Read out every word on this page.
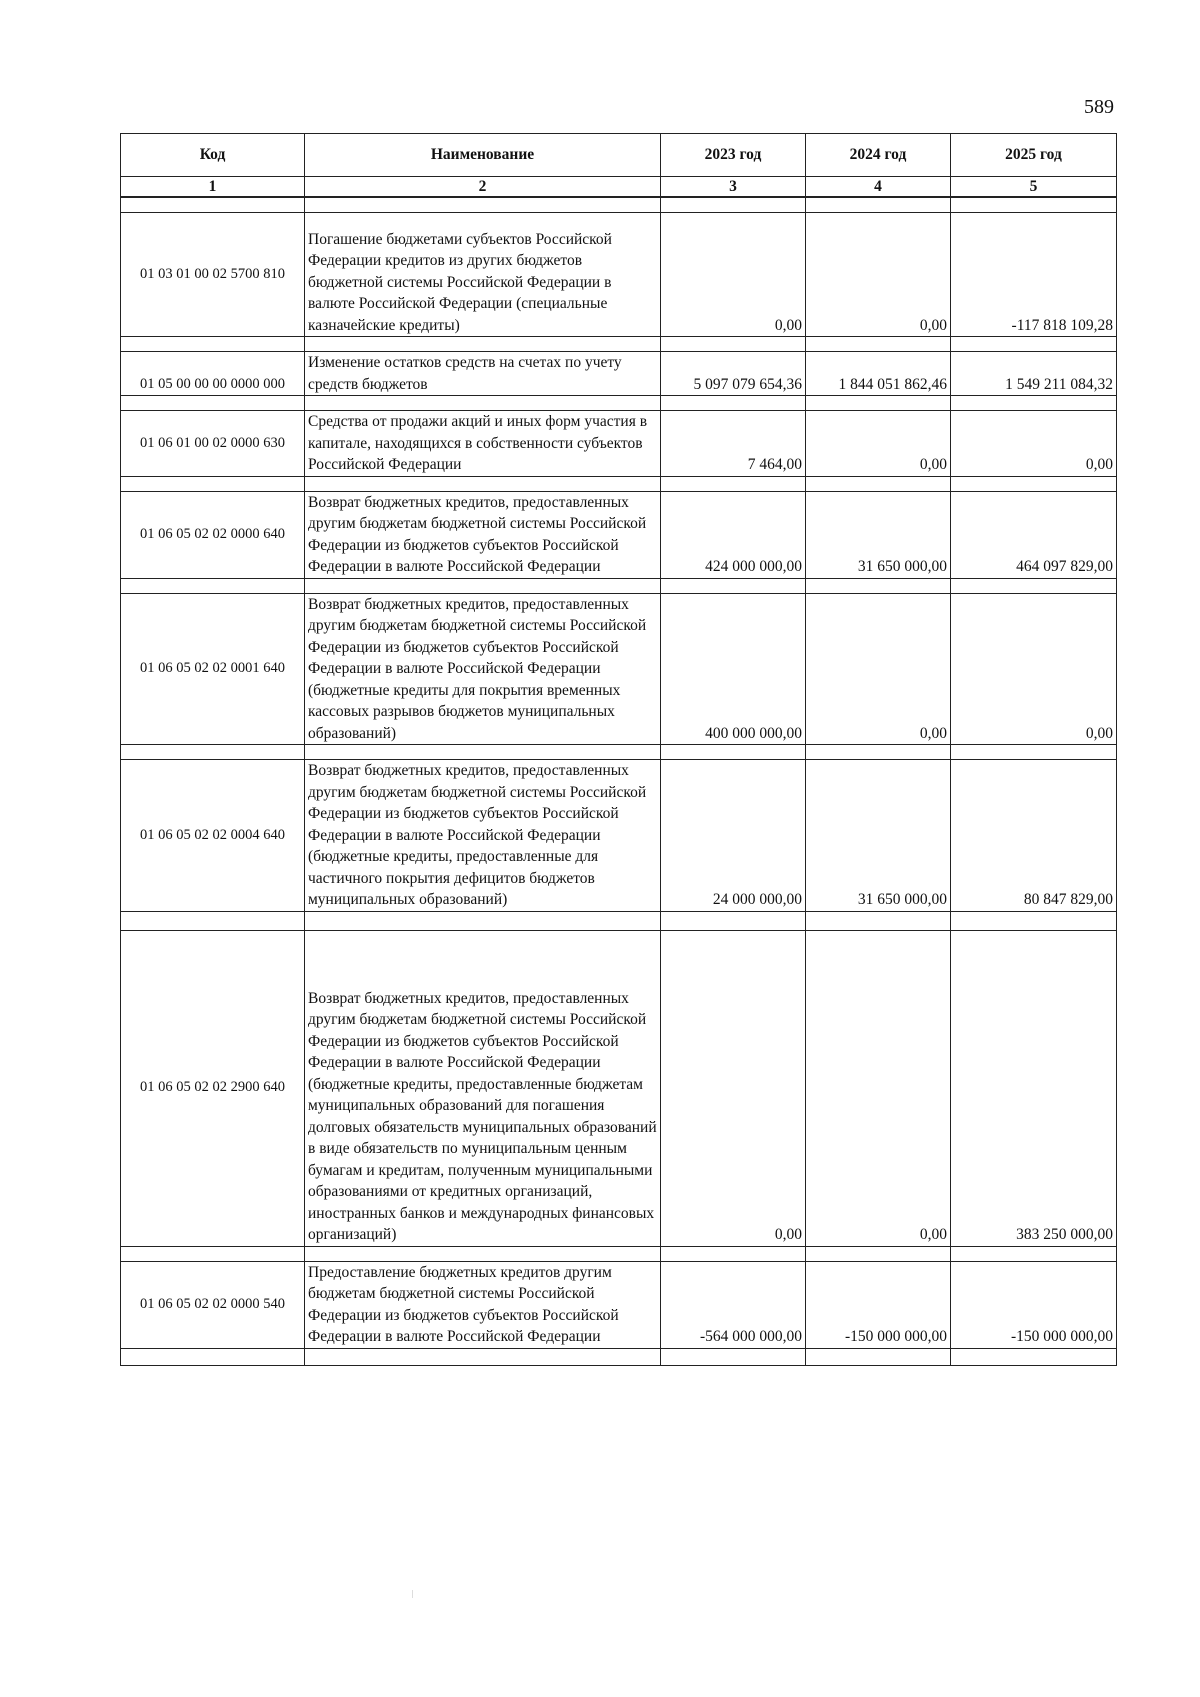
589
Код	Наименование	2023 год	2024 год	2025 год
1	2	3	4	5

01 03 01 00 02 5700 810	Погашение бюджетами субъектов Российской Федерации кредитов из других бюджетов бюджетной системы Российской Федерации в валюте Российской Федерации (специальные казначейские кредиты)	0,00	0,00	-117 818 109,28

01 05 00 00 00 0000 000	Изменение остатков средств на счетах по учету средств бюджетов	5 097 079 654,36	1 844 051 862,46	1 549 211 084,32

01 06 01 00 02 0000 630	Средства от продажи акций и иных форм участия в капитале, находящихся в собственности субъектов Российской Федерации	7 464,00	0,00	0,00

01 06 05 02 02 0000 640	Возврат бюджетных кредитов, предоставленных другим бюджетам бюджетной системы Российской Федерации из бюджетов субъектов Российской Федерации в валюте Российской Федерации	424 000 000,00	31 650 000,00	464 097 829,00

01 06 05 02 02 0001 640	Возврат бюджетных кредитов, предоставленных другим бюджетам бюджетной системы Российской Федерации из бюджетов субъектов Российской Федерации в валюте Российской Федерации (бюджетные кредиты для покрытия временных кассовых разрывов бюджетов муниципальных образований)	400 000 000,00	0,00	0,00

01 06 05 02 02 0004 640	Возврат бюджетных кредитов, предоставленных другим бюджетам бюджетной системы Российской Федерации из бюджетов субъектов Российской Федерации в валюте Российской Федерации (бюджетные кредиты, предоставленные для частичного покрытия дефицитов бюджетов муниципальных образований)	24 000 000,00	31 650 000,00	80 847 829,00

01 06 05 02 02 2900 640	Возврат бюджетных кредитов, предоставленных другим бюджетам бюджетной системы Российской Федерации из бюджетов субъектов Российской Федерации в валюте Российской Федерации (бюджетные кредиты, предоставленные бюджетам муниципальных образований для погашения долговых обязательств муниципальных образований в виде обязательств по муниципальным ценным бумагам и кредитам, полученным муниципальными образованиями от кредитных организаций, иностранных банков и международных финансовых организаций)	0,00	0,00	383 250 000,00

01 06 05 02 02 0000 540	Предоставление бюджетных кредитов другим бюджетам бюджетной системы Российской Федерации из бюджетов субъектов Российской Федерации в валюте Российской Федерации	-564 000 000,00	-150 000 000,00	-150 000 000,00
